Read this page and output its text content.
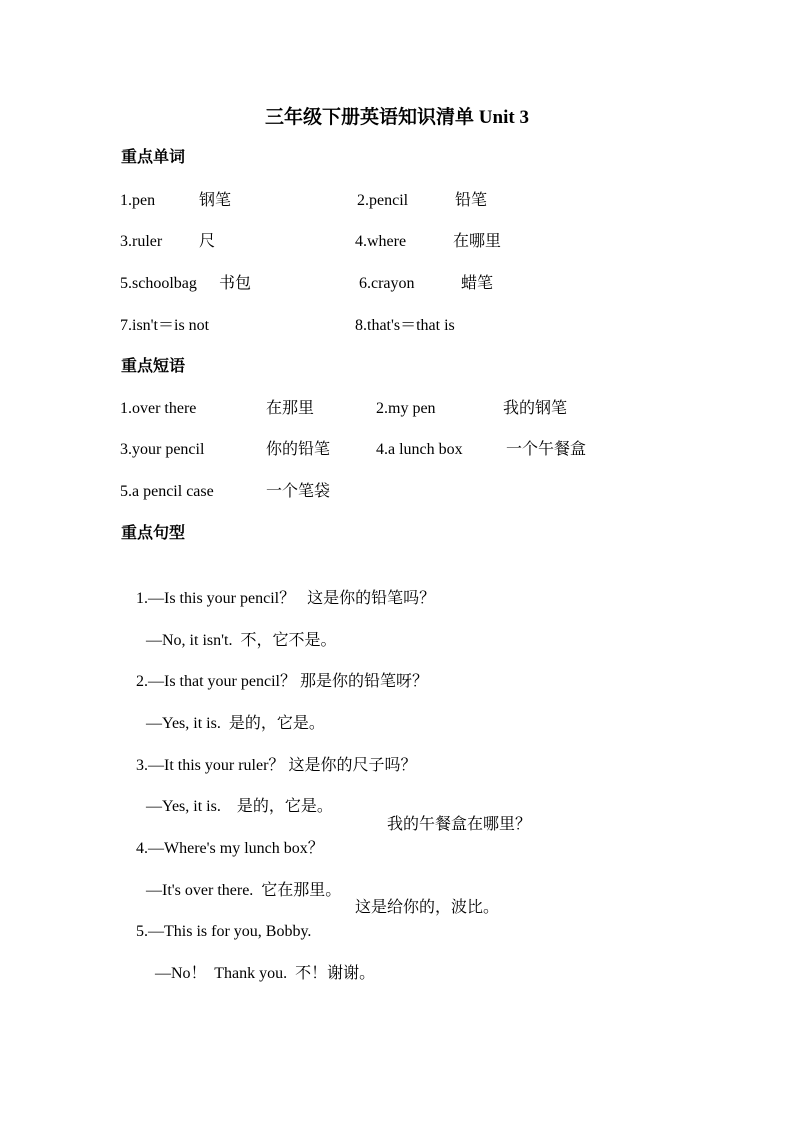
三年级下册英语知识清单 Unit 3
重点单词
1.pen	钢笔	2.pencil	铅笔
3.ruler 尺	4.where	在哪里
5.schoolbag 书包	6.crayon	蜡笔
7.isn't＝is not	8.that's＝that is
重点短语
1.over there	在那里	2.my pen	我的钢笔
3.your pencil	你的铅笔	4.a lunch box	一个午餐盒
5.a pencil case	一个笔袋
重点句型

1.—Is this your pencil？ 这是你的铅笔吗？

—No, it isn't. 不，它不是。

2.—Is that your pencil？ 那是你的铅笔呀？

—Yes, it is. 是的，它是。

3.—It this your ruler？ 这是你的尺子吗？

—Yes, it is. 是的，它是。

4.—Where's my lunch box？
我的午餐盒在哪里？

—It's over there. 它在那里。

5.—This is for you, Bobby.
这是给你的，波比。

—No！  Thank you. 不！谢谢。
